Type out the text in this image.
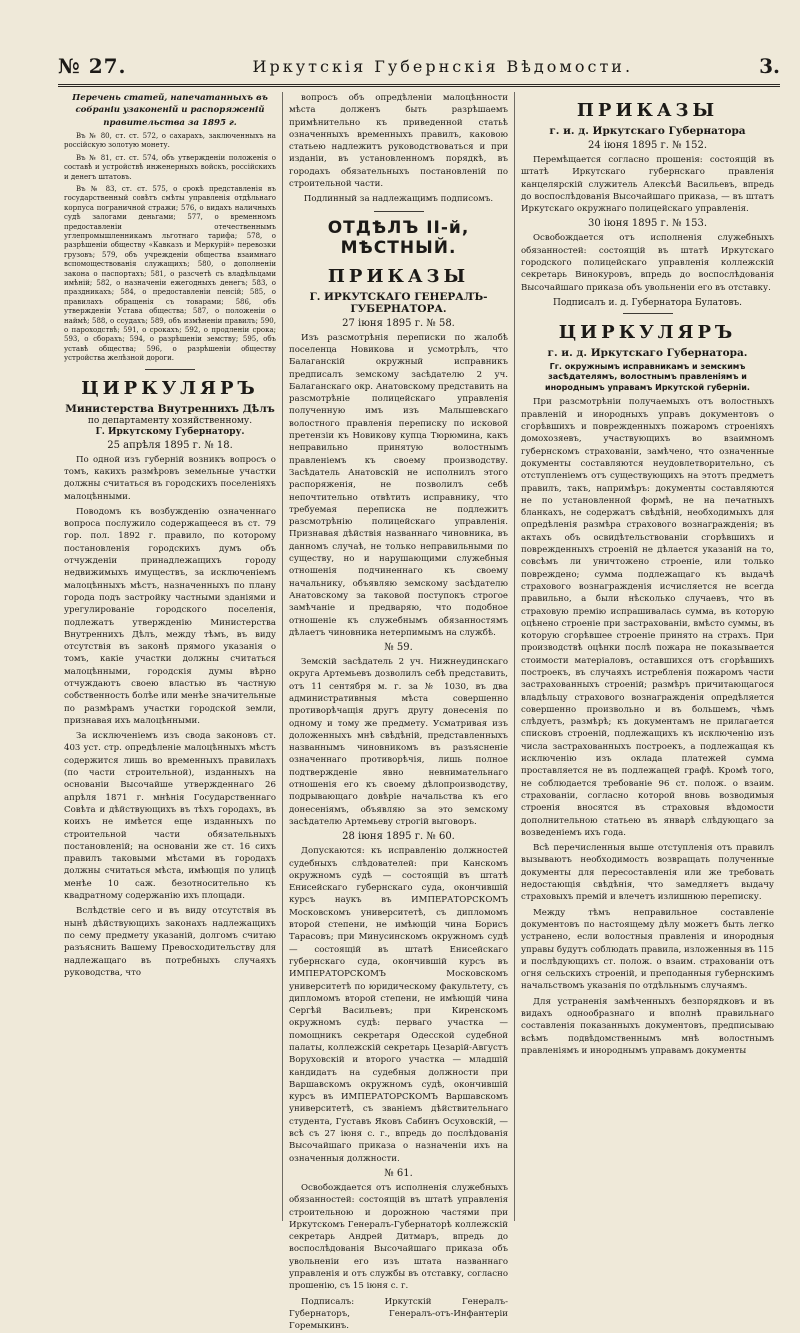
№ 27.	Иркутскія Губернскія Вѣдомости.	3.

Перечень статей, напечатанныхъ въ собраніи узаконеній и распоряженій правительства за 1895 г.

Въ № 80, ст. ст. 572, о сахарахъ, заключенныхъ на россійскую золотую монету.

Въ № 81, ст. ст. 574, объ утвержденіи положенія о составѣ и устройствѣ инженерныхъ войскъ, россійскихъ и денегъ штатовъ.

Въ № 83, ст. ст. 575, о срокѣ представленія въ государственный совѣтъ смѣты управленія отдѣльнаго корпуса пограничной стражи; 576, о видахъ наличныхъ судѣ залогами деньгами; 577, о временномъ предоставленіи отечественнымъ углепромышленникамъ льготнаго тарифа; 578, о разрѣшеніи обществу «Кавказъ и Меркурій» перевозки грузовъ; 579, объ учрежденіи общества взаимнаго вспомоществованія служащихъ; 580, о дополненіи закона о паспортахъ; 581, о разсчетѣ съ владѣльцами имѣній; 582, о назначеніи ежегодныхъ денегъ; 583, о праздникахъ; 584, о предоставленіи пенсій; 585, о правилахъ обращенія съ товарами; 586, объ утвержденіи Устава общества; 587, о положеніи о наймѣ; 588, о ссудахъ; 589, объ измѣненіи правилъ; 590, о пароходствѣ; 591, о срокахъ; 592, о продленіи срока; 593, о сборахъ; 594, о разрѣшеніи земству; 595, объ уставѣ общества; 596, о разрѣшеніи обществу устройства желѣзной дороги.

ЦИРКУЛЯРЪ
Министерства Внутреннихъ Дѣлъ
по департаменту хозяйственному.
Г. Иркутскому Губернатору.
25 апрѣля 1895 г. № 18.

По одной изъ губерній возникъ вопросъ о томъ, какихъ размѣровъ земельные участки должны считаться въ городскихъ поселеніяхъ малоцѣнными.

Поводомъ къ возбужденію означеннаго вопроса послужило содержащееся въ ст. 79 гор. пол. 1892 г. правило, по которому постановленія городскихъ думъ объ отчужденіи принадлежащихъ городу недвижимыхъ имуществъ, за исключеніемъ малоцѣнныхъ мѣстъ, назначенныхъ по плану города подъ застройку частными зданіями и урегулированіе городского поселенія, подлежатъ утвержденію Министерства Внутреннихъ Дѣлъ, между тѣмъ, въ виду отсутствія въ законѣ прямого указанія о томъ, какіе участки должны считаться малоцѣнными, городскія думы вѣрно отчуждаютъ своею властью въ частную собственность болѣе или менѣе значительные по размѣрамъ участки городской земли, признавая ихъ малоцѣнными.

За исключеніемъ изъ свода законовъ ст. 403 уст. стр. опредѣленіе малоцѣнныхъ мѣстъ содержится лишь во временныхъ правилахъ (по части строительной), изданныхъ на основаніи Высочайше утвержденнаго 26 апрѣля 1871 г. мнѣнія Государственнаго Совѣта и дѣйствующихъ въ тѣхъ городахъ, въ коихъ не имѣется еще изданныхъ по строительной части обязательныхъ постановленій; на основаніи же ст. 16 сихъ правилъ таковыми мѣстами въ городахъ должны считаться мѣста, имѣющія по улицѣ менѣе 10 саж. безотносительно къ квадратному содержанію ихъ площади.

Вслѣдствіе сего и въ виду отсутствія въ нынѣ дѣйствующихъ законахъ надлежащихъ по сему предмету указаній, долгомъ считаю разъяснить Вашему Превосходительству для надлежащаго въ потребныхъ случаяхъ руководства, что

вопросъ объ опредѣленіи малоцѣнности мѣста долженъ быть разрѣшаемъ примѣнительно къ приведенной статьѣ означенныхъ временныхъ правилъ, каковою статьею надлежитъ руководствоваться и при изданіи, въ установленномъ порядкѣ, въ городахъ обязательныхъ постановленій по строительной части.

Подлинный за надлежащимъ подписомъ.

ОТДѢЛЪ II-й, МѢСТНЫЙ.
ПРИКАЗЫ
Г. ИРКУТСКАГО ГЕНЕРАЛЪ-ГУБЕРНАТОРА.
27 іюня 1895 г. № 58.

Изъ разсмотрѣнія переписки по жалобѣ поселенца Новикова и усмотрѣлъ, что Балаганскій окружный исправникъ предписалъ земскому засѣдателю 2 уч. Балаганскаго окр. Анатовскому представить на разсмотрѣніе полицейскаго управленія полученную имъ изъ Малышевскаго волостного правленія переписку по исковой претензіи къ Новикову купца Тюрюмина, какъ неправильно принятую волостнымъ правленіемъ къ своему производству. Засѣдатель Анатовскій не исполнилъ этого распоряженія, не позволилъ себѣ непочтительно отвѣтить исправнику, что требуемая переписка не подлежитъ разсмотрѣнію полицейскаго управленія. Признавая дѣйствія названнаго чиновника, въ данномъ случаѣ, не только неправильными по существу, но и нарушающими служебныя отношенія подчиненнаго къ своему начальнику, объявляю земскому засѣдателю Анатовскому за таковой поступокъ строгое замѣчаніе и предваряю, что подобное отношеніе къ служебнымъ обязанностямъ дѣлаетъ чиновника нетерпимымъ на службѣ.

№ 59.

Земскій засѣдатель 2 уч. Нижнеудинскаго округа Артемьевъ дозволилъ себѣ представить, отъ 11 сентября м. г. за № 1030, въ два административныя мѣста совершенно противорѣчащія другъ другу донесенія по одному и тому же предмету. Усматривая изъ доложенныхъ мнѣ свѣдѣній, представленныхъ названнымъ чиновникомъ въ разъясненіе означеннаго противорѣчія, лишь полное подтвержденіе явно невнимательнаго отношенія его къ своему дѣлопроизводству, подрывающаго довѣріе начальства къ его донесеніямъ, объявляю за это земскому засѣдателю Артемьеву строгій выговоръ.

28 іюня 1895 г. № 60.

Допускаются: къ исправленію должностей судебныхъ слѣдователей: при Канскомъ окружномъ судѣ — состоящій въ штатѣ Енисейскаго губернскаго суда, окончившій курсъ наукъ въ ИМПЕРАТОРСКОМЪ Московскомъ университетѣ, съ дипломомъ второй степени, не имѣющій чина Борисъ Тарасовъ; при Минусинскомъ окружномъ судѣ — состоящій въ штатѣ Енисейскаго губернскаго суда, окончившій курсъ въ ИМПЕРАТОРСКОМЪ Московскомъ университетѣ по юридическому факультету, съ дипломомъ второй степени, не имѣющій чина Сергѣй Васильевъ; при Киренскомъ окружномъ судѣ: перваго участка — помощникъ секретаря Одесской судебной палаты, коллежскій секретарь Цезарій-Августъ Воруховскій и второго участка — младшій кандидатъ на судебныя должности при Варшавскомъ окружномъ судѣ, окончившій курсъ въ ИМПЕРАТОРСКОМЪ Варшавскомъ университетѣ, съ званіемъ дѣйствительнаго студента, Густавъ Яковъ Сабинъ Осуховскій, — всѣ съ 27 іюня с. г., впредь до послѣдованія Высочайшаго приказа о назначеніи ихъ на означенныя должности.

№ 61.

Освобождается отъ исполненія служебныхъ обязанностей: состоящій въ штатѣ управленія строительною и дорожною частями при Иркутскомъ Генералъ-Губернаторѣ коллежскій секретарь Андрей Дитмаръ, впредь до воспослѣдованія Высочайшаго приказа объ увольненіи его изъ штата названнаго управленія и отъ службы въ отставку, согласно прошенію, съ 15 іюня с. г.

Подписалъ: Иркутскій Генералъ-Губернаторъ, Генералъ-отъ-Инфантеріи Горемыкинъ.

ПРИКАЗЫ
г. и. д. Иркутскаго Губернатора
24 іюня 1895 г. № 152.

Перемѣщается согласно прошенія: состоящій въ штатѣ Иркутскаго губернскаго правленія канцелярскій служитель Алексѣй Васильевъ, впредь до воспослѣдованія Высочайшаго приказа, — въ штатъ Иркутскаго окружнаго полицейскаго управленія.

30 іюня 1895 г. № 153.

Освобождается отъ исполненія служебныхъ обязанностей: состоящій въ штатѣ Иркутскаго городского полицейскаго управленія коллежскій секретарь Винокуровъ, впредь до воспослѣдованія Высочайшаго приказа объ увольненіи его въ отставку.

Подписалъ и. д. Губернатора Булатовъ.
ЦИРКУЛЯРЪ
г. и. д. Иркутскаго Губернатора.
Гг. окружнымъ исправникамъ и земскимъ засѣдателямъ, волостнымъ правленіямъ и инороднымъ управамъ Иркутской губерніи.

При разсмотрѣніи получаемыхъ отъ волостныхъ правленій и инородныхъ управъ документовъ о сгорѣвшихъ и поврежденныхъ пожаромъ строеніяхъ домохозяевъ, участвующихъ во взаимномъ губернскомъ страхованіи, замѣчено, что означенные документы составляются неудовлетворительно, съ отступленіемъ отъ существующихъ на этотъ предметъ правилъ, такъ, напримѣръ: документы составляются не по установленной формѣ, не на печатныхъ бланкахъ, не содержатъ свѣдѣній, необходимыхъ для опредѣленія размѣра страхового вознагражденія; въ актахъ объ освидѣтельствованіи сгорѣвшихъ и поврежденныхъ строеній не дѣлается указаній на то, совсѣмъ ли уничтожено строеніе, или только повреждено; сумма подлежащаго къ выдачѣ страхового вознагражденія исчисляется не всегда правильно, а были нѣсколько случаевъ, что въ страховую премію испрашивалась сумма, въ которую оцѣнено строеніе при застрахованіи, вмѣсто суммы, въ которую сгорѣвшее строеніе принято на страхъ. При производствѣ оцѣнки послѣ пожара не показывается стоимости матеріаловъ, оставшихся отъ сгорѣвшихъ построекъ, въ случаяхъ истребленія пожаромъ части застрахованныхъ строеній; размѣръ причитающагося владѣльцу страхового вознагражденія опредѣляется совершенно произвольно и въ большемъ, чѣмъ слѣдуетъ, размѣрѣ; къ документамъ не прилагается списковъ строеній, подлежащихъ къ исключенію изъ числа застрахованныхъ построекъ, а подлежащая къ исключенію изъ оклада платежей сумма проставляется не въ подлежащей графѣ. Кромѣ того, не соблюдается требованіе 96 ст. полож. о взаим. страхованіи, согласно которой вновь возводимыя строенія вносятся въ страховыя вѣдомости дополнительною статьею въ январѣ слѣдующаго за возведеніемъ ихъ года.

Всѣ перечисленныя выше отступленія отъ правилъ вызываютъ необходимость возвращать полученные документы для пересоставленія или же требовать недостающія свѣдѣнія, что замедляетъ выдачу страховыхъ премій и влечетъ излишнюю переписку.

Между тѣмъ неправильное составленіе документовъ по настоящему дѣлу можетъ быть легко устранено, если волостныя правленія и инородныя управы будутъ соблюдать правила, изложенныя въ 115 и послѣдующихъ ст. полож. о взаим. страхованіи отъ огня сельскихъ строеній, и преподанныя губернскимъ начальствомъ указанія по отдѣльнымъ случаямъ.

Для устраненія замѣченныхъ безпорядковъ и въ видахъ однообразнаго и вполнѣ правильнаго составленія показанныхъ документовъ, предписываю всѣмъ подвѣдомственнымъ мнѣ волостнымъ правленіямъ и инороднымъ управамъ документы
